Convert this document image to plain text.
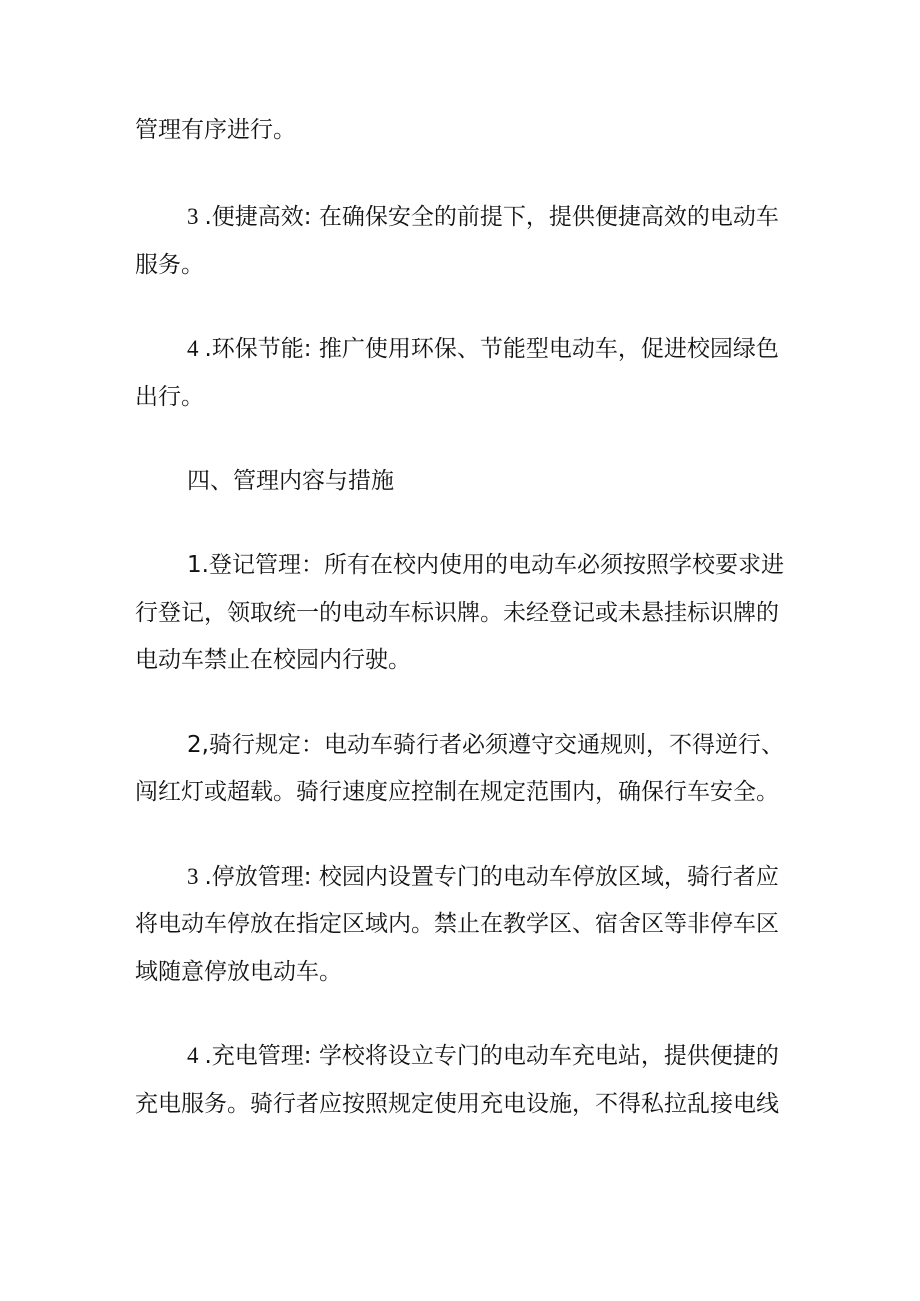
管理有序进行。
3 .便捷高效: 在确保安全的前提下，提供便捷高效的电动车
服务。
4 .环保节能: 推广使用环保、节能型电动车，促进校园绿色
出行。
四、管理内容与措施
1.登记管理：所有在校内使用的电动车必须按照学校要求进
行登记，领取统一的电动车标识牌。未经登记或未悬挂标识牌的
电动车禁止在校园内行驶。
2,骑行规定：电动车骑行者必须遵守交通规则，不得逆行、
闯红灯或超载。骑行速度应控制在规定范围内，确保行车安全。
3 .停放管理: 校园内设置专门的电动车停放区域，骑行者应
将电动车停放在指定区域内。禁止在教学区、宿舍区等非停车区
域随意停放电动车。
4 .充电管理: 学校将设立专门的电动车充电站，提供便捷的
充电服务。骑行者应按照规定使用充电设施，不得私拉乱接电线
